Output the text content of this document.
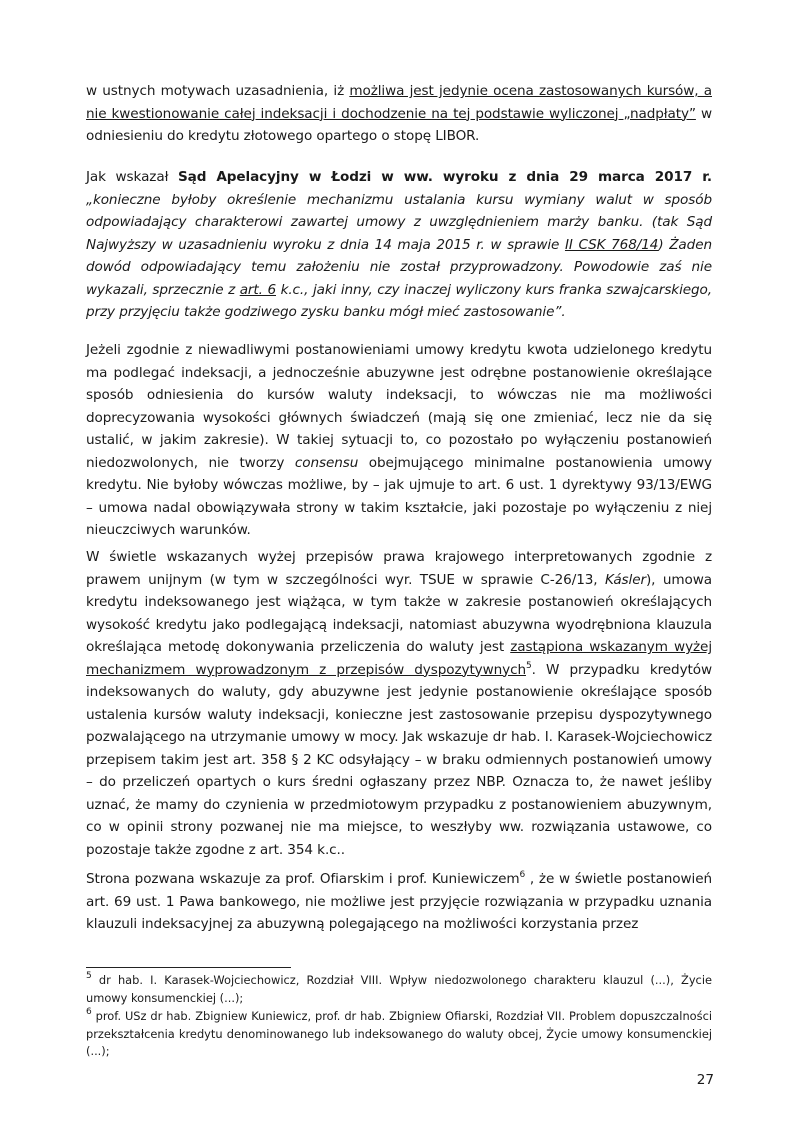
w ustnych motywach uzasadnienia, iż możliwa jest jedynie ocena zastosowanych kursów, a nie kwestionowanie całej indeksacji i dochodzenie na tej podstawie wyliczonej „nadpłaty” w odniesieniu do kredytu złotowego opartego o stopę LIBOR.

Jak wskazał Sąd Apelacyjny w Łodzi w ww. wyroku z dnia 29 marca 2017 r. „konieczne byłoby określenie mechanizmu ustalania kursu wymiany walut w sposób odpowiadający charakterowi zawartej umowy z uwzględnieniem marży banku. (tak Sąd Najwyższy w uzasadnieniu wyroku z dnia 14 maja 2015 r. w sprawie II CSK 768/14) Żaden dowód odpowiadający temu założeniu nie został przyprowadzony. Powodowie zaś nie wykazali, sprzecznie z art. 6 k.c., jaki inny, czy inaczej wyliczony kurs franka szwajcarskiego, przy przyjęciu także godziwego zysku banku mógł mieć zastosowanie”.

Jeżeli zgodnie z niewadliwymi postanowieniami umowy kredytu kwota udzielonego kredytu ma podlegać indeksacji, a jednocześnie abuzywne jest odrębne postanowienie określające sposób odniesienia do kursów waluty indeksacji, to wówczas nie ma możliwości doprecyzowania wysokości głównych świadczeń (mają się one zmieniać, lecz nie da się ustalić, w jakim zakresie). W takiej sytuacji to, co pozostało po wyłączeniu postanowień niedozwolonych, nie tworzy consensu obejmującego minimalne postanowienia umowy kredytu. Nie byłoby wówczas możliwe, by – jak ujmuje to art. 6 ust. 1 dyrektywy 93/13/EWG – umowa nadal obowiązywała strony w takim kształcie, jaki pozostaje po wyłączeniu z niej nieuczciwych warunków.

W świetle wskazanych wyżej przepisów prawa krajowego interpretowanych zgodnie z prawem unijnym (w tym w szczególności wyr. TSUE w sprawie C-26/13, Kásler), umowa kredytu indeksowanego jest wiążąca, w tym także w zakresie postanowień określających wysokość kredytu jako podlegającą indeksacji, natomiast abuzywna wyodrębniona klauzula określająca metodę dokonywania przeliczenia do waluty jest zastąpiona wskazanym wyżej mechanizmem wyprowadzonym z przepisów dyspozytywnych$^5$. W przypadku kredytów indeksowanych do waluty, gdy abuzywne jest jedynie postanowienie określające sposób ustalenia kursów waluty indeksacji, konieczne jest zastosowanie przepisu dyspozytywnego pozwalającego na utrzymanie umowy w mocy. Jak wskazuje dr hab. I. Karasek-Wojciechowicz przepisem takim jest art. 358 § 2 KC odsyłający – w braku odmiennych postanowień umowy – do przeliczeń opartych o kurs średni ogłaszany przez NBP. Oznacza to, że nawet jeśliby uznać, że mamy do czynienia w przedmiotowym przypadku z postanowieniem abuzywnym, co w opinii strony pozwanej nie ma miejsce, to weszłyby ww. rozwiązania ustawowe, co pozostaje także zgodne z art. 354 k.c..

Strona pozwana wskazuje za prof. Ofiarskim i prof. Kuniewiczem$^6$ , że w świetle postanowień art. 69 ust. 1 Pawa bankowego, nie możliwe jest przyjęcie rozwiązania w przypadku uznania klauzuli indeksacyjnej za abuzywną polegającego na możliwości korzystania przez

$^5$ dr hab. I. Karasek-Wojciechowicz, Rozdział VIII. Wpływ niedozwolonego charakteru klauzul (...), Życie umowy konsumenckiej (...);

$^6$ prof. USz dr hab. Zbigniew Kuniewicz, prof. dr hab. Zbigniew Ofiarski, Rozdział VII. Problem dopuszczalności przekształcenia kredytu denominowanego lub indeksowanego do waluty obcej, Życie umowy konsumenckiej (...);

27
